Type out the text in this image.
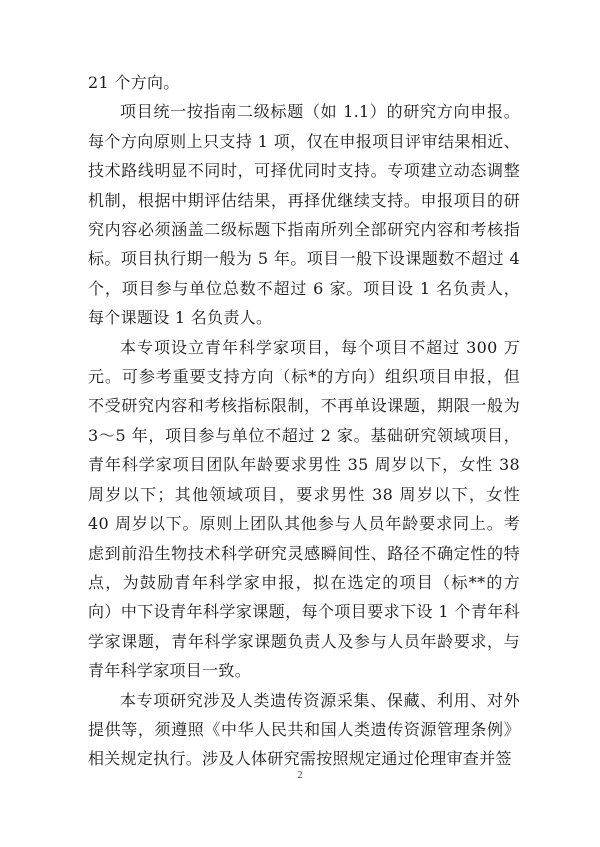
21 个方向。

项目统一按指南二级标题（如 1.1）的研究方向申报。每个方向原则上只支持 1 项，仅在申报项目评审结果相近、技术路线明显不同时，可择优同时支持。专项建立动态调整机制，根据中期评估结果，再择优继续支持。申报项目的研究内容必须涵盖二级标题下指南所列全部研究内容和考核指标。项目执行期一般为 5 年。项目一般下设课题数不超过 4 个，项目参与单位总数不超过 6 家。项目设 1 名负责人，每个课题设 1 名负责人。

本专项设立青年科学家项目，每个项目不超过 300 万元。可参考重要支持方向（标*的方向）组织项目申报，但不受研究内容和考核指标限制，不再单设课题，期限一般为 3～5 年，项目参与单位不超过 2 家。基础研究领域项目，青年科学家项目团队年龄要求男性 35 周岁以下，女性 38 周岁以下；其他领域项目，要求男性 38 周岁以下，女性 40 周岁以下。原则上团队其他参与人员年龄要求同上。考虑到前沿生物技术科学研究灵感瞬间性、路径不确定性的特点，为鼓励青年科学家申报，拟在选定的项目（标**的方向）中下设青年科学家课题，每个项目要求下设 1 个青年科学家课题，青年科学家课题负责人及参与人员年龄要求，与青年科学家项目一致。

本专项研究涉及人类遗传资源采集、保藏、利用、对外提供等，须遵照《中华人民共和国人类遗传资源管理条例》相关规定执行。涉及人体研究需按照规定通过伦理审查并签

2
